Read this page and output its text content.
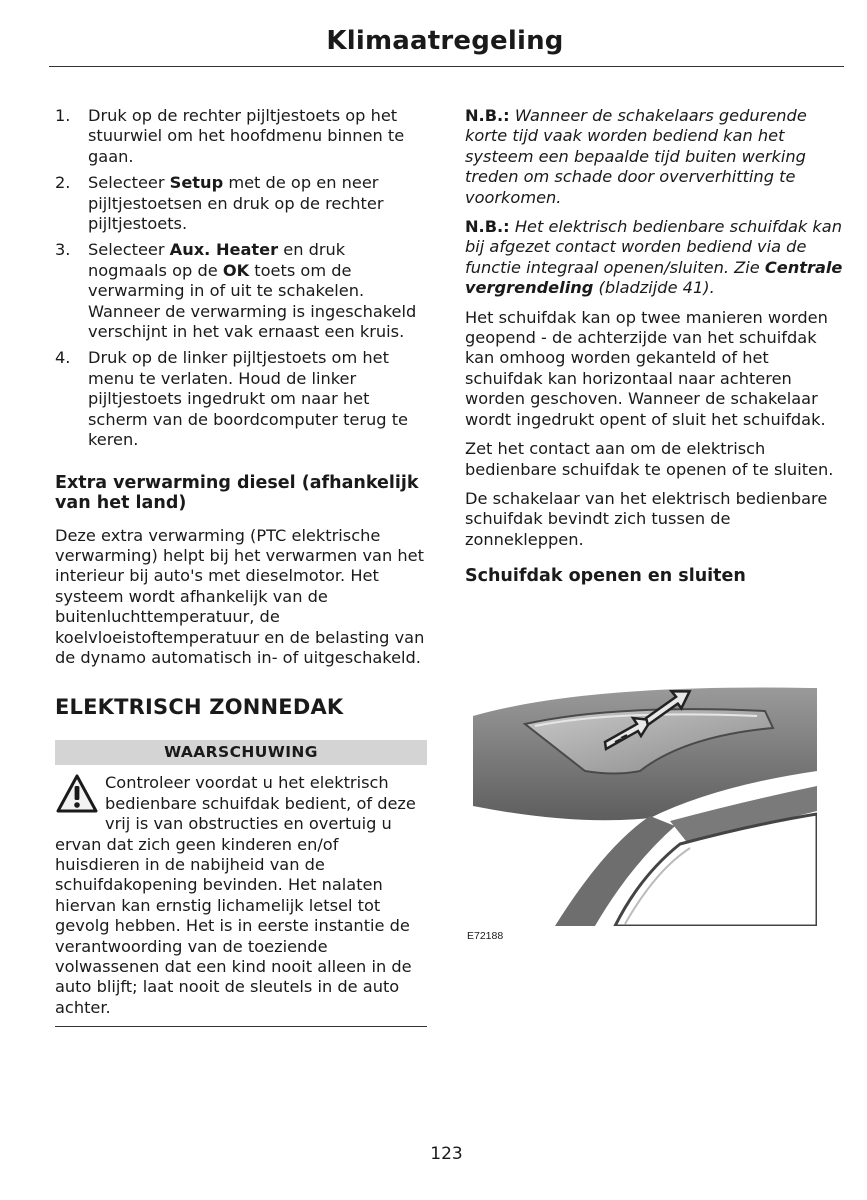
Klimaatregeling
1. Druk op de rechter pijltjestoets op het stuurwiel om het hoofdmenu binnen te gaan.
2. Selecteer Setup met de op en neer pijltjestoetsen en druk op de rechter pijltjestoets.
3. Selecteer Aux. Heater en druk nogmaals op de OK toets om de verwarming in of uit te schakelen. Wanneer de verwarming is ingeschakeld verschijnt in het vak ernaast een kruis.
4. Druk op de linker pijltjestoets om het menu te verlaten. Houd de linker pijltjestoets ingedrukt om naar het scherm van de boordcomputer terug te keren.
Extra verwarming diesel (afhankelijk van het land)

Deze extra verwarming (PTC elektrische verwarming) helpt bij het verwarmen van het interieur bij auto's met dieselmotor. Het systeem wordt afhankelijk van de buitenluchttemperatuur, de koelvloeistoftemperatuur en de belasting van de dynamo automatisch in- of uitgeschakeld.

ELEKTRISCH ZONNEDAK
WAARSCHUWING
Controleer voordat u het elektrisch bedienbare schuifdak bedient, of deze vrij is van obstructies en overtuig u ervan dat zich geen kinderen en/of huisdieren in de nabijheid van de schuifdakopening bevinden. Het nalaten hiervan kan ernstig lichamelijk letsel tot gevolg hebben. Het is in eerste instantie de verantwoording van de toeziende volwassenen dat een kind nooit alleen in de auto blijft; laat nooit de sleutels in de auto achter.

N.B.: Wanneer de schakelaars gedurende korte tijd vaak worden bediend kan het systeem een bepaalde tijd buiten werking treden om schade door oververhitting te voorkomen.

N.B.: Het elektrisch bedienbare schuifdak kan bij afgezet contact worden bediend via de functie integraal openen/sluiten. Zie Centrale vergrendeling (bladzijde 41).

Het schuifdak kan op twee manieren worden geopend - de achterzijde van het schuifdak kan omhoog worden gekanteld of het schuifdak kan horizontaal naar achteren worden geschoven. Wanneer de schakelaar wordt ingedrukt opent of sluit het schuifdak.

Zet het contact aan om de elektrisch bedienbare schuifdak te openen of te sluiten.

De schakelaar van het elektrisch bedienbare schuifdak bevindt zich tussen de zonnekleppen.

Schuifdak openen en sluiten
E72188
123
